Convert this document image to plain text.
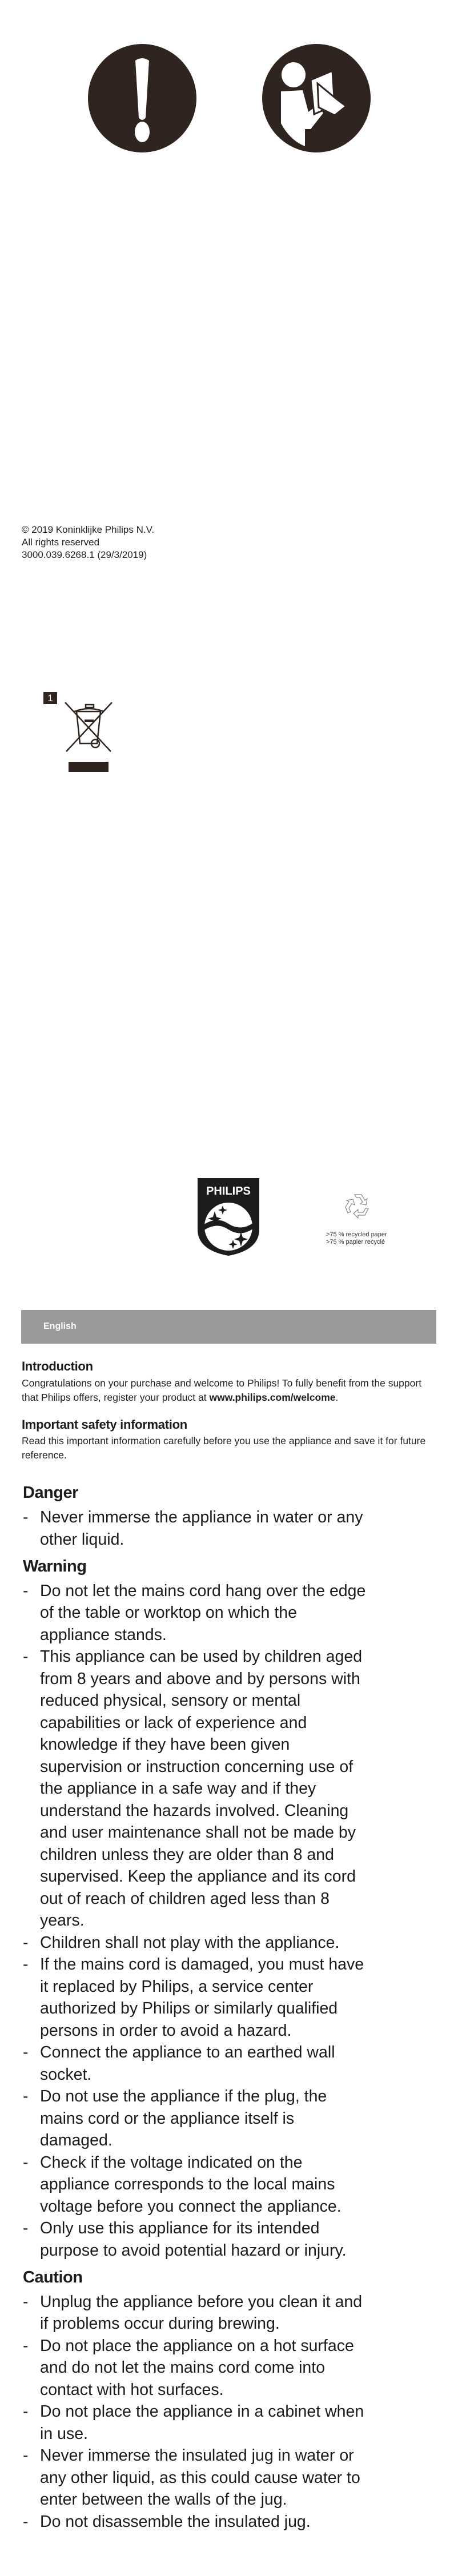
© 2019 Koninklijke Philips N.V.
All rights reserved
3000.039.6268.1 (29/3/2019)
1
PHILIPS
>75 % recycled paper
>75 % papier recyclé
English
Introduction

Congratulations on your purchase and welcome to Philips! To fully benefit from the support that Philips offers, register your product at www.philips.com/welcome.

Important safety information

Read this important information carefully before you use the appliance and save it for future reference.

Danger
- Never immerse the appliance in water or any
other liquid.
Warning
- Do not let the mains cord hang over the edge
of the table or worktop on which the
appliance stands.
- This appliance can be used by children aged
from 8 years and above and by persons with
reduced physical, sensory or mental
capabilities or lack of experience and
knowledge if they have been given
supervision or instruction concerning use of
the appliance in a safe way and if they
understand the hazards involved. Cleaning
and user maintenance shall not be made by
children unless they are older than 8 and
supervised. Keep the appliance and its cord
out of reach of children aged less than 8
years.
- Children shall not play with the appliance.
- If the mains cord is damaged, you must have
it replaced by Philips, a service center
authorized by Philips or similarly qualified
persons in order to avoid a hazard.
- Connect the appliance to an earthed wall
socket.
- Do not use the appliance if the plug, the
mains cord or the appliance itself is
damaged.
- Check if the voltage indicated on the
appliance corresponds to the local mains
voltage before you connect the appliance.
- Only use this appliance for its intended
purpose to avoid potential hazard or injury.
Caution
- Unplug the appliance before you clean it and
if problems occur during brewing.
- Do not place the appliance on a hot surface
and do not let the mains cord come into
contact with hot surfaces.
- Do not place the appliance in a cabinet when
in use.
- Never immerse the insulated jug in water or
any other liquid, as this could cause water to
enter between the walls of the jug.
- Do not disassemble the insulated jug.
